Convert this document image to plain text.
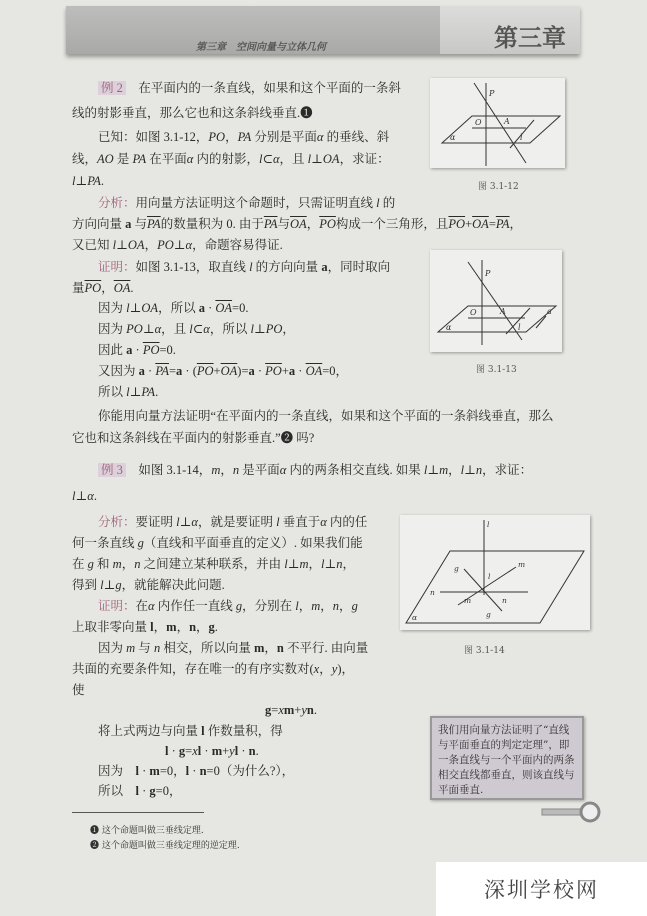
第三章　空间向量与立体几何	第三章
例 2　在平面内的一条直线，如果和这个平面的一条斜
线的射影垂直，那么它也和这条斜线垂直.❶
已知：如图 3.1-12，PO，PA 分别是平面α 的垂线、斜
线，AO 是 PA 在平面α 内的射影，l⊂α，且 l⊥OA，求证：
l⊥PA.
分析：用向量方法证明这个命题时，只需证明直线 l 的
方向向量 a 与$\overline{PA}$的数量积为 0. 由于$\overline{PA}$与$\overline{OA}$，$\overline{PO}$构成一个三角形，且$\overline{PO}+\overline{OA}=\overline{PA}$，
又已知 l⊥OA，PO⊥α，命题容易得证.
证明：如图 3.1-13，取直线 l 的方向向量 a，同时取向
量$\overline{PO}$，$\overline{OA}$.
因为 l⊥OA，所以 $a \cdot \overline{OA}=0$.
因为 PO⊥α，且 l⊂α，所以 l⊥PO，
因此 $a \cdot \overline{PO}=0$.
又因为 $a \cdot \overline{PA}=a \cdot (\overline{PO}+\overline{OA})=a \cdot \overline{PO}+a \cdot \overline{OA}=0$，
所以 l⊥PA.
你能用向量方法证明“在平面内的一条直线，如果和这个平面的一条斜线垂直，那么
它也和这条斜线在平面内的射影垂直.”❷ 吗?
例 3　如图 3.1-14，m，n 是平面α 内的两条相交直线. 如果 l⊥m，l⊥n，求证：
l⊥α.
分析：要证明 l⊥α，就是要证明 l 垂直于α 内的任
何一条直线 g（直线和平面垂直的定义）. 如果我们能
在 g 和 m，n 之间建立某种联系，并由 l⊥m，l⊥n，
得到 l⊥g，就能解决此问题.
证明：在α 内作任一直线 g，分别在 l，m，n，g
上取非零向量 l，m，n，g.
因为 m 与 n 相交，所以向量 m，n 不平行. 由向量
共面的充要条件知，存在唯一的有序实数对(x，y)，
使
g=xm+yn.
将上式两边与向量 l 作数量积，得
l · g=xl · m+yl · n.
因为　l · m=0，l · n=0（为什么?），
所以　l · g=0，
P
O	A
l
α
图 3.1-12
P
O	A	a
l
α
图 3.1-13
l
g	m
n
m	n
g
l
α
图 3.1-14
我们用向量方法证明了“直线与平面垂直的判定定理”，即一条直线与一个平面内的两条相交直线都垂直，则该直线与平面垂直.
❶ 这个命题叫做三垂线定理.
❷ 这个命题叫做三垂线定理的逆定理.
深圳学校网
